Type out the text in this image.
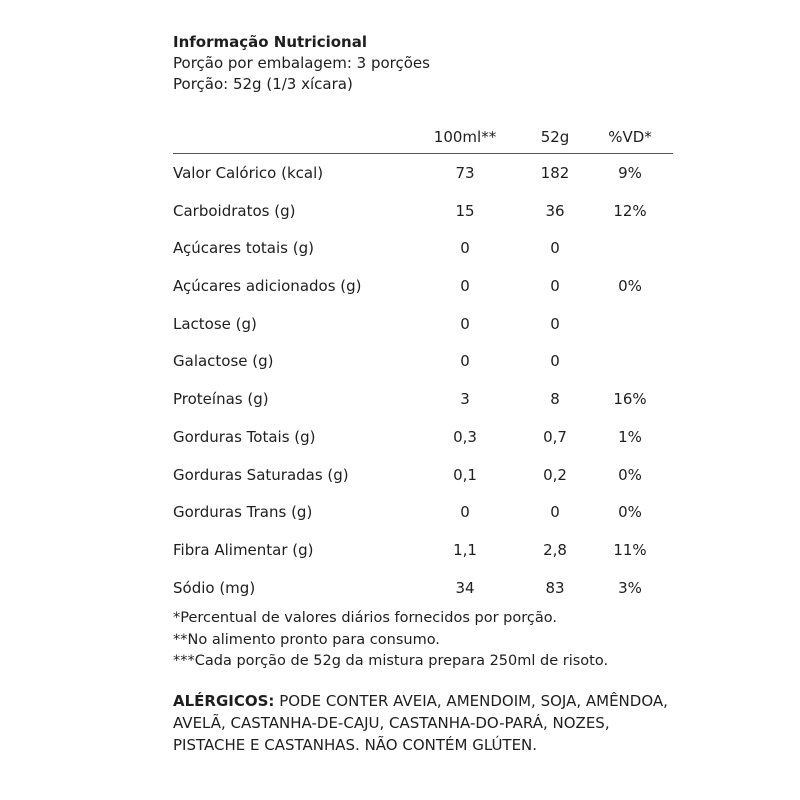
Informação Nutricional
Porção por embalagem: 3 porções
Porção: 52g (1/3 xícara)
100ml**	52g	%VD*
Valor Calórico (kcal)	73	182	9%
Carboidratos (g)	15	36	12%
Açúcares totais (g)	0	0
Açúcares adicionados (g)	0	0	0%
Lactose (g)	0	0
Galactose (g)	0	0
Proteínas (g)	3	8	16%
Gorduras Totais (g)	0,3	0,7	1%
Gorduras Saturadas (g)	0,1	0,2	0%
Gorduras Trans (g)	0	0	0%
Fibra Alimentar (g)	1,1	2,8	11%
Sódio (mg)	34	83	3%
*Percentual de valores diários fornecidos por porção.
**No alimento pronto para consumo.
***Cada porção de 52g da mistura prepara 250ml de risoto.
ALÉRGICOS: PODE CONTER AVEIA, AMENDOIM, SOJA, AMÊNDOA, AVELÃ, CASTANHA-DE-CAJU, CASTANHA-DO-PARÁ, NOZES, PISTACHE E CASTANHAS. NÃO CONTÉM GLÚTEN.
